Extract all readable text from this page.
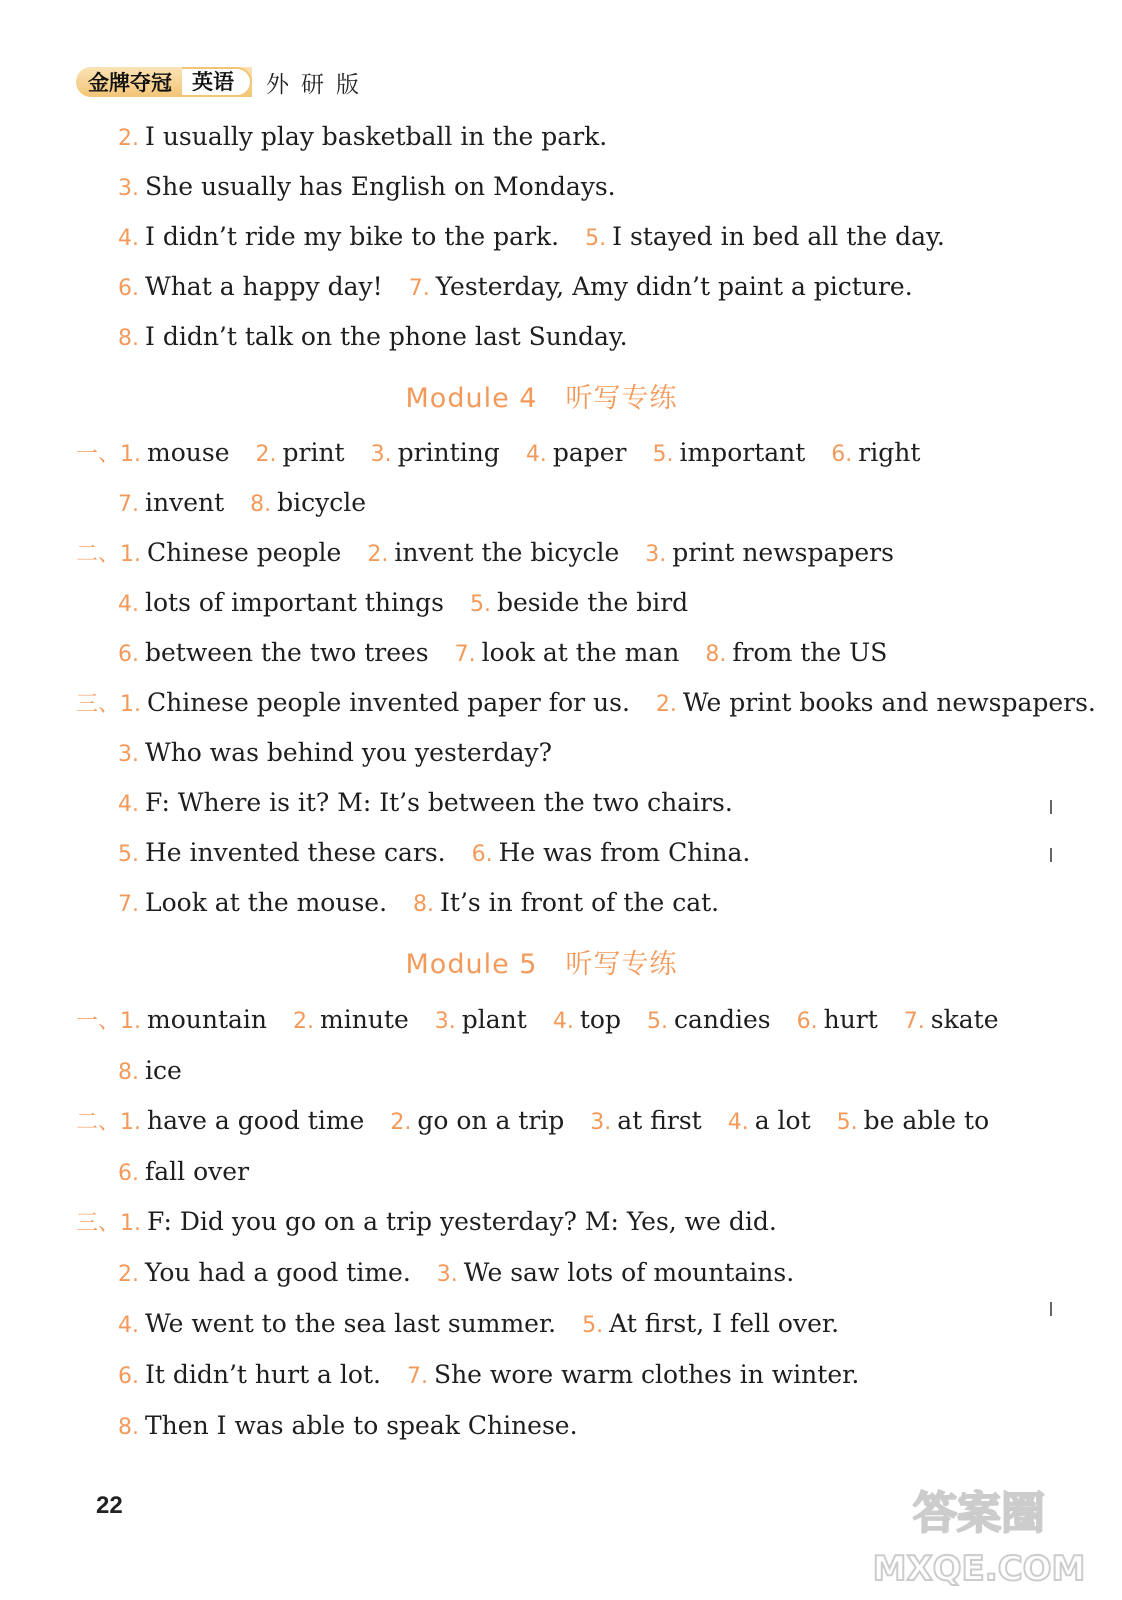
金牌夺冠 英语	外研版
2. I usually play basketball in the park.
3. She usually has English on Mondays.
4. I didn’t ride my bike to the park. 5. I stayed in bed all the day.
6. What a happy day! 7. Yesterday, Amy didn’t paint a picture.
8. I didn’t talk on the phone last Sunday.
Module 4　听写专练
一、1. mouse 2. print 3. printing 4. paper 5. important 6. right
7. invent 8. bicycle
二、1. Chinese people 2. invent the bicycle 3. print newspapers
4. lots of important things 5. beside the bird
6. between the two trees 7. look at the man 8. from the US
三、1. Chinese people invented paper for us. 2. We print books and newspapers.
3. Who was behind you yesterday?
4. F: Where is it? M: It’s between the two chairs.
5. He invented these cars. 6. He was from China.
7. Look at the mouse. 8. It’s in front of the cat.
Module 5　听写专练
一、1. mountain 2. minute 3. plant 4. top 5. candies 6. hurt 7. skate
8. ice
二、1. have a good time 2. go on a trip 3. at first 4. a lot 5. be able to
6. fall over
三、1. F: Did you go on a trip yesterday? M: Yes, we did.
2. You had a good time. 3. We saw lots of mountains.
4. We went to the sea last summer. 5. At first, I fell over.
6. It didn’t hurt a lot. 7. She wore warm clothes in winter.
8. Then I was able to speak Chinese.
22	答案圈
MXQE.COM
